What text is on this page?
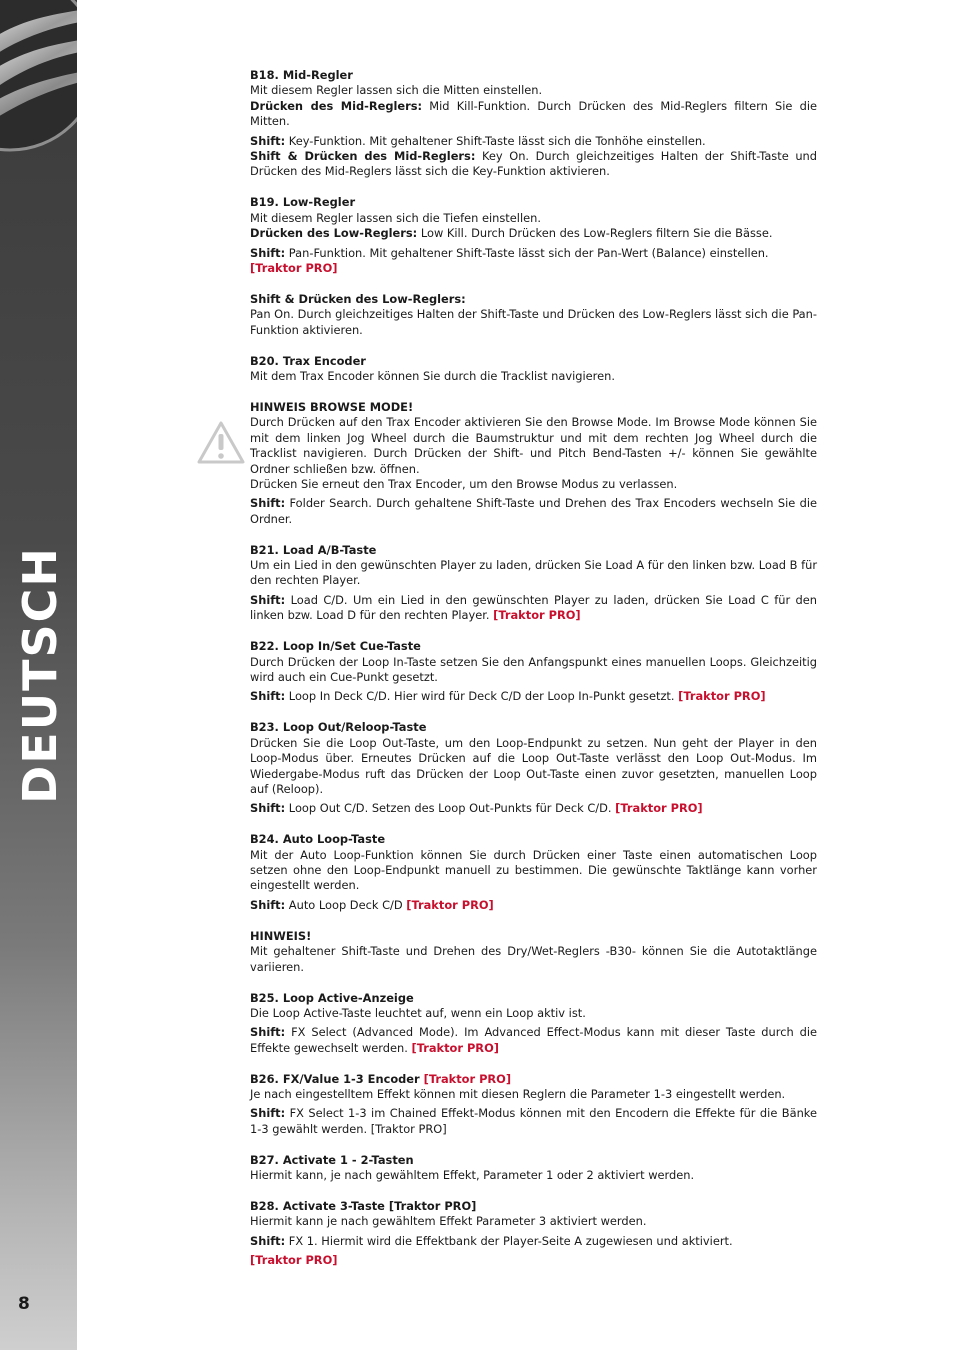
DEUTSCH
8

B18. Mid-Regler

Mit diesem Regler lassen sich die Mitten einstellen.

Drücken des Mid-Reglers: Mid Kill-Funktion. Durch Drücken des Mid-Reglers filtern Sie die Mitten.

Shift: Key-Funktion. Mit gehaltener Shift-Taste lässt sich die Tonhöhe einstellen.

Shift & Drücken des Mid-Reglers: Key On. Durch gleichzeitiges Halten der Shift-Taste und Drücken des Mid-Reglers lässt sich die Key-Funktion aktivieren.

B19. Low-Regler

Mit diesem Regler lassen sich die Tiefen einstellen.

Drücken des Low-Reglers: Low Kill. Durch Drücken des Low-Reglers filtern Sie die Bässe.

Shift: Pan-Funktion. Mit gehaltener Shift-Taste lässt sich der Pan-Wert (Balance) einstellen.

[Traktor PRO]

Shift & Drücken des Low-Reglers:

Pan On. Durch gleichzeitiges Halten der Shift-Taste und Drücken des Low-Reglers lässt sich die Pan-Funktion aktivieren.

B20. Trax Encoder

Mit dem Trax Encoder können Sie durch die Tracklist navigieren.

HINWEIS BROWSE MODE!

Durch Drücken auf den Trax Encoder aktivieren Sie den Browse Mode. Im Browse Mode können Sie mit dem linken Jog Wheel durch die Baumstruktur und mit dem rechten Jog Wheel durch die Tracklist navigieren. Durch Drücken der Shift- und Pitch Bend-Tasten +/- können Sie gewählte Ordner schließen bzw. öffnen.

Drücken Sie erneut den Trax Encoder, um den Browse Modus zu verlassen.

Shift: Folder Search. Durch gehaltene Shift-Taste und Drehen des Trax Encoders wechseln Sie die Ordner.

B21. Load A/B-Taste

Um ein Lied in den gewünschten Player zu laden, drücken Sie Load A für den linken bzw. Load B für den rechten Player.

Shift: Load C/D. Um ein Lied in den gewünschten Player zu laden, drücken Sie Load C für den linken bzw. Load D für den rechten Player. [Traktor PRO]

B22. Loop In/Set Cue-Taste

Durch Drücken der Loop In-Taste setzen Sie den Anfangspunkt eines manuellen Loops. Gleichzeitig wird auch ein Cue-Punkt gesetzt.

Shift: Loop In Deck C/D. Hier wird für Deck C/D der Loop In-Punkt gesetzt. [Traktor PRO]

B23. Loop Out/Reloop-Taste

Drücken Sie die Loop Out-Taste, um den Loop-Endpunkt zu setzen. Nun geht der Player in den Loop-Modus über. Erneutes Drücken auf die Loop Out-Taste verlässt den Loop Out-Modus. Im Wiedergabe-Modus ruft das Drücken der Loop Out-Taste einen zuvor gesetzten, manuellen Loop auf (Reloop).

Shift: Loop Out C/D. Setzen des Loop Out-Punkts für Deck C/D. [Traktor PRO]

B24. Auto Loop-Taste

Mit der Auto Loop-Funktion können Sie durch Drücken einer Taste einen automatischen Loop setzen ohne den Loop-Endpunkt manuell zu bestimmen. Die gewünschte Taktlänge kann vorher eingestellt werden.

Shift: Auto Loop Deck C/D [Traktor PRO]

HINWEIS!

Mit gehaltener Shift-Taste und Drehen des Dry/Wet-Reglers -B30- können Sie die Autotaktlänge variieren.

B25. Loop Active-Anzeige

Die Loop Active-Taste leuchtet auf, wenn ein Loop aktiv ist.

Shift: FX Select (Advanced Mode). Im Advanced Effect-Modus kann mit dieser Taste durch die Effekte gewechselt werden. [Traktor PRO]

B26. FX/Value 1-3 Encoder [Traktor PRO]

Je nach eingestelltem Effekt können mit diesen Reglern die Parameter 1-3 eingestellt werden.

Shift: FX Select 1-3 im Chained Effekt-Modus können mit den Encodern die Effekte für die Bänke 1-3 gewählt werden. [Traktor PRO]

B27. Activate 1 - 2-Tasten

Hiermit kann, je nach gewähltem Effekt, Parameter 1 oder 2 aktiviert werden.

B28. Activate 3-Taste [Traktor PRO]

Hiermit kann je nach gewähltem Effekt Parameter 3 aktiviert werden.

Shift: FX 1. Hiermit wird die Effektbank der Player-Seite A zugewiesen und aktiviert.

[Traktor PRO]
